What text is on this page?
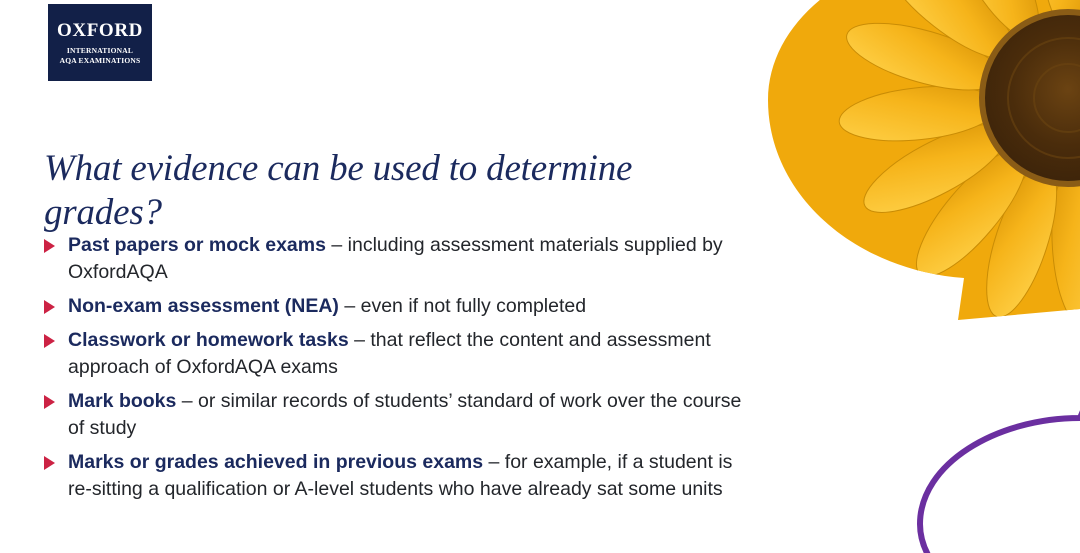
OXFORD
INTERNATIONAL
AQA EXAMINATIONS
What evidence can be used to determine grades?
Past papers or mock exams – including assessment materials supplied by OxfordAQA
Non-exam assessment (NEA) – even if not fully completed
Classwork or homework tasks – that reflect the content and assessment approach of OxfordAQA exams
Mark books – or similar records of students’ standard of work over the course of study
Marks or grades achieved in previous exams – for example, if a student is re-sitting a qualification or A-level students who have already sat some units
